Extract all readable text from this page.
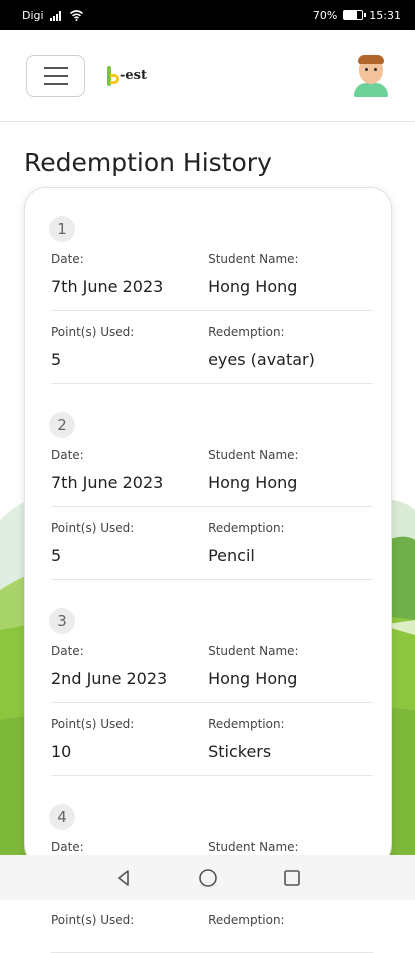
Digi	70%	15:31
-est
Redemption History
1
Date:
7th June 2023
Student Name:
Hong Hong
Point(s) Used:
5
Redemption:
eyes (avatar)
2
Date:
7th June 2023
Student Name:
Hong Hong
Point(s) Used:
5
Redemption:
Pencil
3
Date:
2nd June 2023
Student Name:
Hong Hong
Point(s) Used:
10
Redemption:
Stickers
4
Date:	Student Name:
Point(s) Used:	Redemption:
